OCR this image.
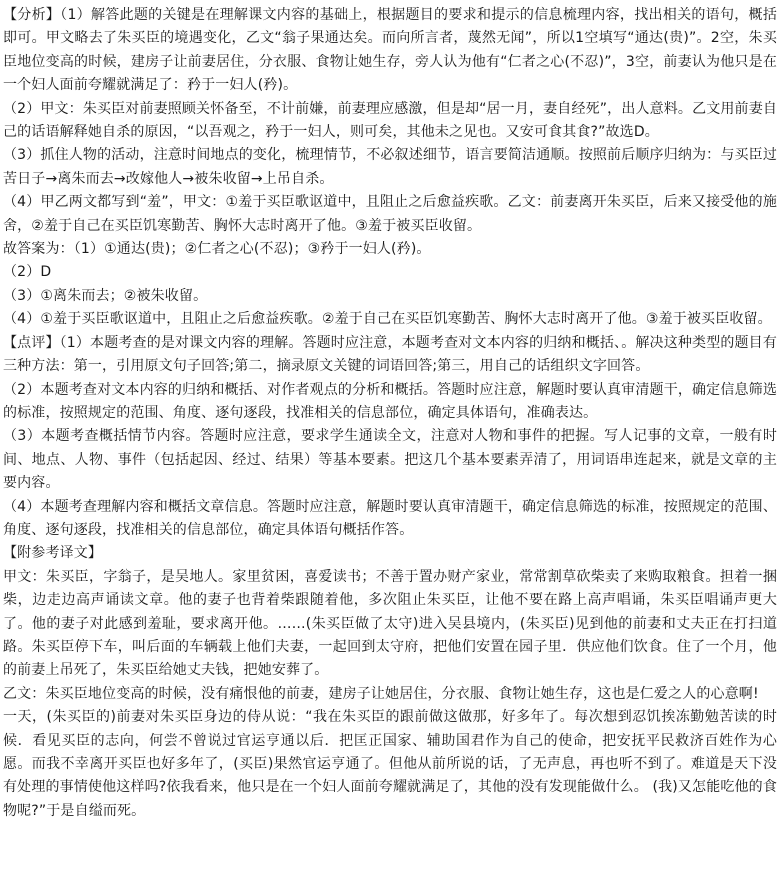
【分析】（1）解答此题的关键是在理解课文内容的基础上，根据题目的要求和提示的信息梳理内容，找出相关的语句，概括即可。甲文略去了朱买臣的境遇变化，乙文“翁子果通达矣。而向所言者，蔑然无闻”，所以1空填写“通达(贵)”。2空，朱买臣地位变高的时候，建房子让前妻居住，分衣服、食物让她生存，旁人认为他有“仁者之心(不忍)”，3空，前妻认为他只是在一个妇人面前夸耀就满足了：矜于一妇人(矜)。

（2）甲文：朱买臣对前妻照顾关怀备至，不计前嫌，前妻理应感激，但是却“居一月，妻自经死”，出人意料。乙文用前妻自己的话语解释她自杀的原因，“以吾观之，矜于一妇人，则可矣，其他未之见也。又安可食其食?”故选D。

（3）抓住人物的活动，注意时间地点的变化，梳理情节，不必叙述细节，语言要简洁通顺。按照前后顺序归纳为：与买臣过苦日子→离朱而去→改嫁他人→被朱收留→上吊自杀。

（4）甲乙两文都写到“羞”，甲文：①羞于买臣歌讴道中，且阻止之后愈益疾歌。乙文：前妻离开朱买臣，后来又接受他的施舍，②羞于自己在买臣饥寒勤苦、胸怀大志时离开了他。③羞于被买臣收留。

故答案为：（1）①通达(贵)；②仁者之心(不忍)；③矜于一妇人(矜)。

（2）D

（3）①离朱而去；②被朱收留。

（4）①羞于买臣歌讴道中，且阻止之后愈益疾歌。②羞于自己在买臣饥寒勤苦、胸怀大志时离开了他。③羞于被买臣收留。

【点评】（1）本题考查的是对课文内容的理解。答题时应注意，本题考查对文本内容的归纳和概括、。解决这种类型的题目有三种方法：第一，引用原文句子回答;第二，摘录原文关键的词语回答;第三，用自己的话组织文字回答。

（2）本题考查对文本内容的归纳和概括、对作者观点的分析和概括。答题时应注意，解题时要认真审清题干，确定信息筛选的标准，按照规定的范围、角度、逐句逐段，找准相关的信息部位，确定具体语句，准确表达。

（3）本题考查概括情节内容。答题时应注意，要求学生通读全文，注意对人物和事件的把握。写人记事的文章，一般有时间、地点、人物、事件（包括起因、经过、结果）等基本要素。把这几个基本要素弄清了，用词语串连起来，就是文章的主要内容。

（4）本题考查理解内容和概括文章信息。答题时应注意，解题时要认真审清题干，确定信息筛选的标准，按照规定的范围、角度、逐句逐段，找准相关的信息部位，确定具体语句概括作答。

【附参考译文】

甲文：朱买臣，字翁子，是吴地人。家里贫困，喜爱读书；不善于置办财产家业，常常割草砍柴卖了来购取粮食。担着一捆柴，边走边高声诵读文章。他的妻子也背着柴跟随着他，多次阻止朱买臣，让他不要在路上高声唱诵，朱买臣唱诵声更大了。他的妻子对此感到羞耻，要求离开他。……(朱买臣做了太守)进入吴县境内，(朱买臣)见到他的前妻和丈夫正在打扫道路。朱买臣停下车，叫后面的车辆载上他们夫妻，一起回到太守府，把他们安置在园子里．供应他们饮食。住了一个月，他的前妻上吊死了，朱买臣给她丈夫钱，把她安葬了。

乙文：朱买臣地位变高的时候，没有痛恨他的前妻，建房子让她居住，分衣服、食物让她生存，这也是仁爱之人的心意啊!

一天，(朱买臣的)前妻对朱买臣身边的侍从说：“我在朱买臣的跟前做这做那，好多年了。每次想到忍饥挨冻勤勉苦读的时候．看见买臣的志向，何尝不曾说过官运亨通以后．把匡正国家、辅助国君作为自己的使命，把安抚平民救济百姓作为心愿。而我不幸离开买臣也好多年了，(买臣)果然官运亨通了。但他从前所说的话，了无声息，再也听不到了。难道是天下没有处理的事情使他这样吗?依我看来，他只是在一个妇人面前夸耀就满足了，其他的没有发现能做什么。 (我)又怎能吃他的食物呢?”于是自缢而死。
